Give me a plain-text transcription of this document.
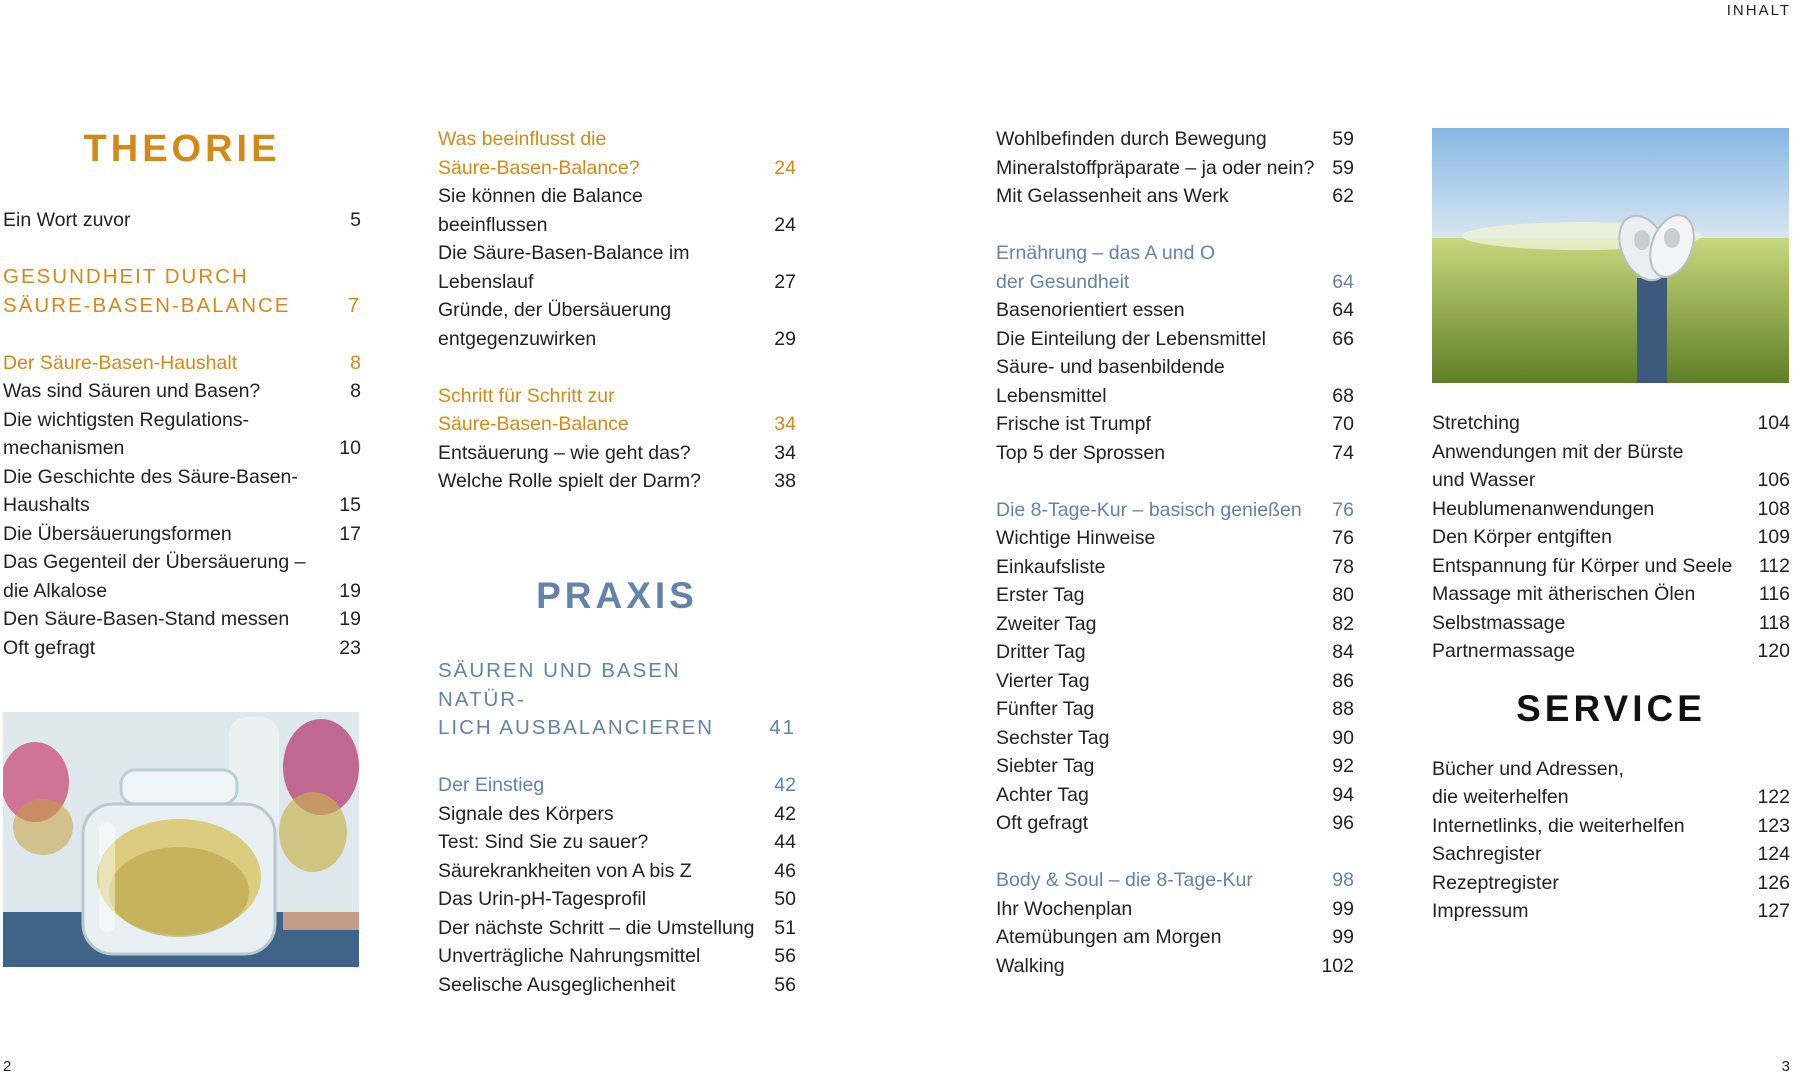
INHALT
THEORIE
Ein Wort zuvor	5
GESUNDHEIT DURCH
SÄURE-BASEN-BALANCE	7
Der Säure-Basen-Haushalt	8
Was sind Säuren und Basen?	8
Die wichtigsten Regulations-
mechanismen	10
Die Geschichte des Säure-Basen-
Haushalts	15
Die Übersäuerungsformen	17
Das Gegenteil der Übersäuerung –
die Alkalose	19
Den Säure-Basen-Stand messen	19
Oft gefragt	23
Was beeinflusst die
Säure-Basen-Balance?	24
Sie können die Balance
beeinflussen	24
Die Säure-Basen-Balance im
Lebenslauf	27
Gründe, der Übersäuerung
entgegenzuwirken	29
Schritt für Schritt zur
Säure-Basen-Balance	34
Entsäuerung – wie geht das?	34
Welche Rolle spielt der Darm?	38
PRAXIS
SÄUREN UND BASEN NATÜR-
LICH AUSBALANCIEREN	41
Der Einstieg	42
Signale des Körpers	42
Test: Sind Sie zu sauer?	44
Säurekrankheiten von A bis Z	46
Das Urin-pH-Tagesprofil	50
Der nächste Schritt – die Umstellung	51
Unverträgliche Nahrungsmittel	56
Seelische Ausgeglichenheit	56
Wohlbefinden durch Bewegung	59
Mineralstoffpräparate – ja oder nein? 59
Mit Gelassenheit ans Werk	62
Ernährung – das A und O
der Gesundheit	64
Basenorientiert essen	64
Die Einteilung der Lebensmittel	66
Säure- und basenbildende
Lebensmittel	68
Frische ist Trumpf	70
Top 5 der Sprossen	74
Die 8-Tage-Kur – basisch genießen	76
Wichtige Hinweise	76
Einkaufsliste	78
Erster Tag	80
Zweiter Tag	82
Dritter Tag	84
Vierter Tag	86
Fünfter Tag	88
Sechster Tag	90
Siebter Tag	92
Achter Tag	94
Oft gefragt	96
Body & Soul – die 8-Tage-Kur	98
Ihr Wochenplan	99
Atemübungen am Morgen	99
Walking	102
Stretching	104
Anwendungen mit der Bürste
und Wasser	106
Heublumenanwendungen	108
Den Körper entgiften	109
Entspannung für Körper und Seele	112
Massage mit ätherischen Ölen	116
Selbstmassage	118
Partnermassage	120
SERVICE
Bücher und Adressen,
die weiterhelfen	122
Internetlinks, die weiterhelfen	123
Sachregister	124
Rezeptregister	126
Impressum	127
2	3
